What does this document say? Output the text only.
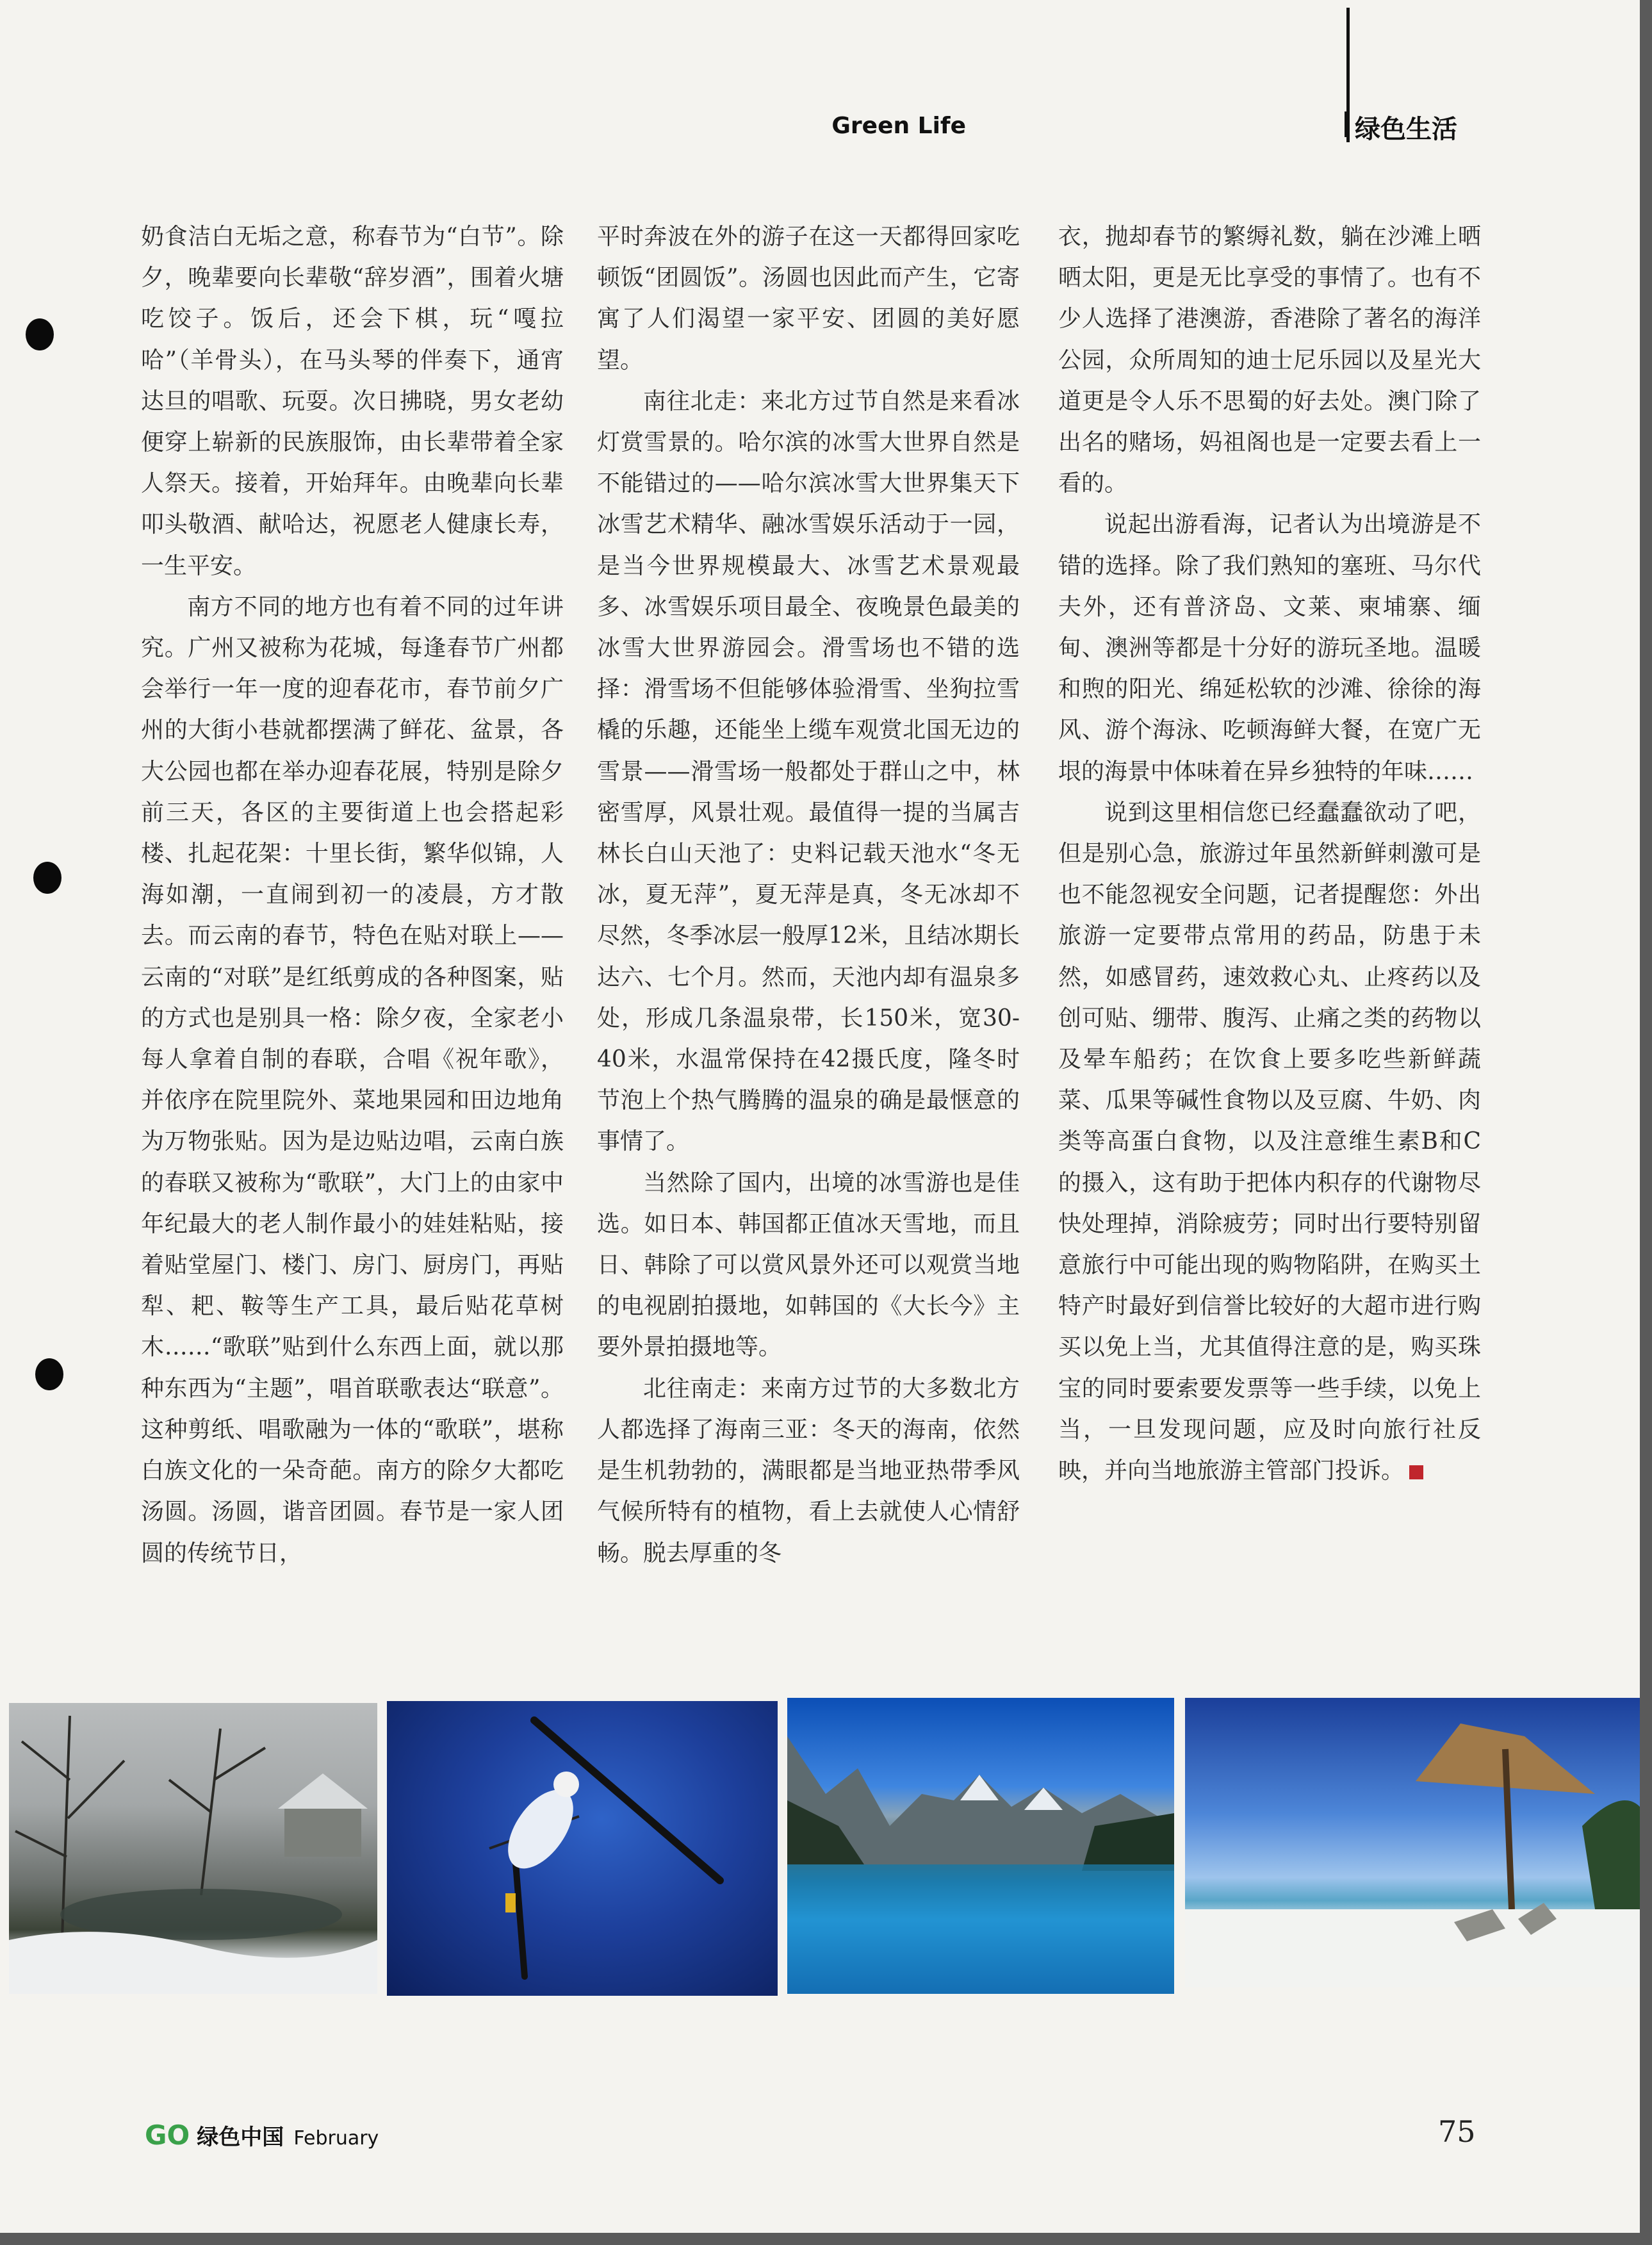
Green Life	绿色生活

奶食洁白无垢之意，称春节为“白节”。除夕，晚辈要向长辈敬“辞岁酒”，围着火塘吃饺子。饭后，还会下棋，玩“嘎拉哈”（羊骨头），在马头琴的伴奏下，通宵达旦的唱歌、玩耍。次日拂晓，男女老幼便穿上崭新的民族服饰，由长辈带着全家人祭天。接着，开始拜年。由晚辈向长辈叩头敬酒、献哈达，祝愿老人健康长寿，一生平安。

南方不同的地方也有着不同的过年讲究。广州又被称为花城，每逢春节广州都会举行一年一度的迎春花市，春节前夕广州的大街小巷就都摆满了鲜花、盆景，各大公园也都在举办迎春花展，特别是除夕前三天，各区的主要街道上也会搭起彩楼、扎起花架：十里长街，繁华似锦，人海如潮，一直闹到初一的凌晨，方才散去。而云南的春节，特色在贴对联上——云南的“对联”是红纸剪成的各种图案，贴的方式也是别具一格：除夕夜，全家老小每人拿着自制的春联，合唱《祝年歌》，并依序在院里院外、菜地果园和田边地角为万物张贴。因为是边贴边唱，云南白族的春联又被称为“歌联”，大门上的由家中年纪最大的老人制作最小的娃娃粘贴，接着贴堂屋门、楼门、房门、厨房门，再贴犁、耙、鞍等生产工具，最后贴花草树木……“歌联”贴到什么东西上面，就以那种东西为“主题”，唱首联歌表达“联意”。这种剪纸、唱歌融为一体的“歌联”，堪称白族文化的一朵奇葩。南方的除夕大都吃汤圆。汤圆，谐音团圆。春节是一家人团圆的传统节日，

平时奔波在外的游子在这一天都得回家吃顿饭“团圆饭”。汤圆也因此而产生，它寄寓了人们渴望一家平安、团圆的美好愿望。

南往北走：来北方过节自然是来看冰灯赏雪景的。哈尔滨的冰雪大世界自然是不能错过的——哈尔滨冰雪大世界集天下冰雪艺术精华、融冰雪娱乐活动于一园，是当今世界规模最大、冰雪艺术景观最多、冰雪娱乐项目最全、夜晚景色最美的冰雪大世界游园会。滑雪场也不错的选择：滑雪场不但能够体验滑雪、坐狗拉雪橇的乐趣，还能坐上缆车观赏北国无边的雪景——滑雪场一般都处于群山之中，林密雪厚，风景壮观。最值得一提的当属吉林长白山天池了：史料记载天池水“冬无冰，夏无萍”，夏无萍是真，冬无冰却不尽然，冬季冰层一般厚12米，且结冰期长达六、七个月。然而，天池内却有温泉多处，形成几条温泉带，长150米，宽30-40米，水温常保持在42摄氏度，隆冬时节泡上个热气腾腾的温泉的确是最惬意的事情了。

当然除了国内，出境的冰雪游也是佳选。如日本、韩国都正值冰天雪地，而且日、韩除了可以赏风景外还可以观赏当地的电视剧拍摄地，如韩国的《大长今》主要外景拍摄地等。

北往南走：来南方过节的大多数北方人都选择了海南三亚：冬天的海南，依然是生机勃勃的，满眼都是当地亚热带季风气候所特有的植物，看上去就使人心情舒畅。脱去厚重的冬

衣，抛却春节的繁缛礼数，躺在沙滩上晒晒太阳，更是无比享受的事情了。也有不少人选择了港澳游，香港除了著名的海洋公园，众所周知的迪士尼乐园以及星光大道更是令人乐不思蜀的好去处。澳门除了出名的赌场，妈祖阁也是一定要去看上一看的。

说起出游看海，记者认为出境游是不错的选择。除了我们熟知的塞班、马尔代夫外，还有普济岛、文莱、柬埔寨、缅甸、澳洲等都是十分好的游玩圣地。温暖和煦的阳光、绵延松软的沙滩、徐徐的海风、游个海泳、吃顿海鲜大餐，在宽广无垠的海景中体味着在异乡独特的年味……

说到这里相信您已经蠢蠢欲动了吧，但是别心急，旅游过年虽然新鲜刺激可是也不能忽视安全问题，记者提醒您：外出旅游一定要带点常用的药品，防患于未然，如感冒药，速效救心丸、止疼药以及创可贴、绷带、腹泻、止痛之类的药物以及晕车船药；在饮食上要多吃些新鲜蔬菜、瓜果等碱性食物以及豆腐、牛奶、肉类等高蛋白食物，以及注意维生素B和C的摄入，这有助于把体内积存的代谢物尽快处理掉，消除疲劳；同时出行要特别留意旅行中可能出现的购物陷阱，在购买土特产时最好到信誉比较好的大超市进行购买以免上当，尤其值得注意的是，购买珠宝的同时要索要发票等一些手续，以免上当，一旦发现问题，应及时向旅行社反映，并向当地旅游主管部门投诉。

GO 绿色中国 February	75
